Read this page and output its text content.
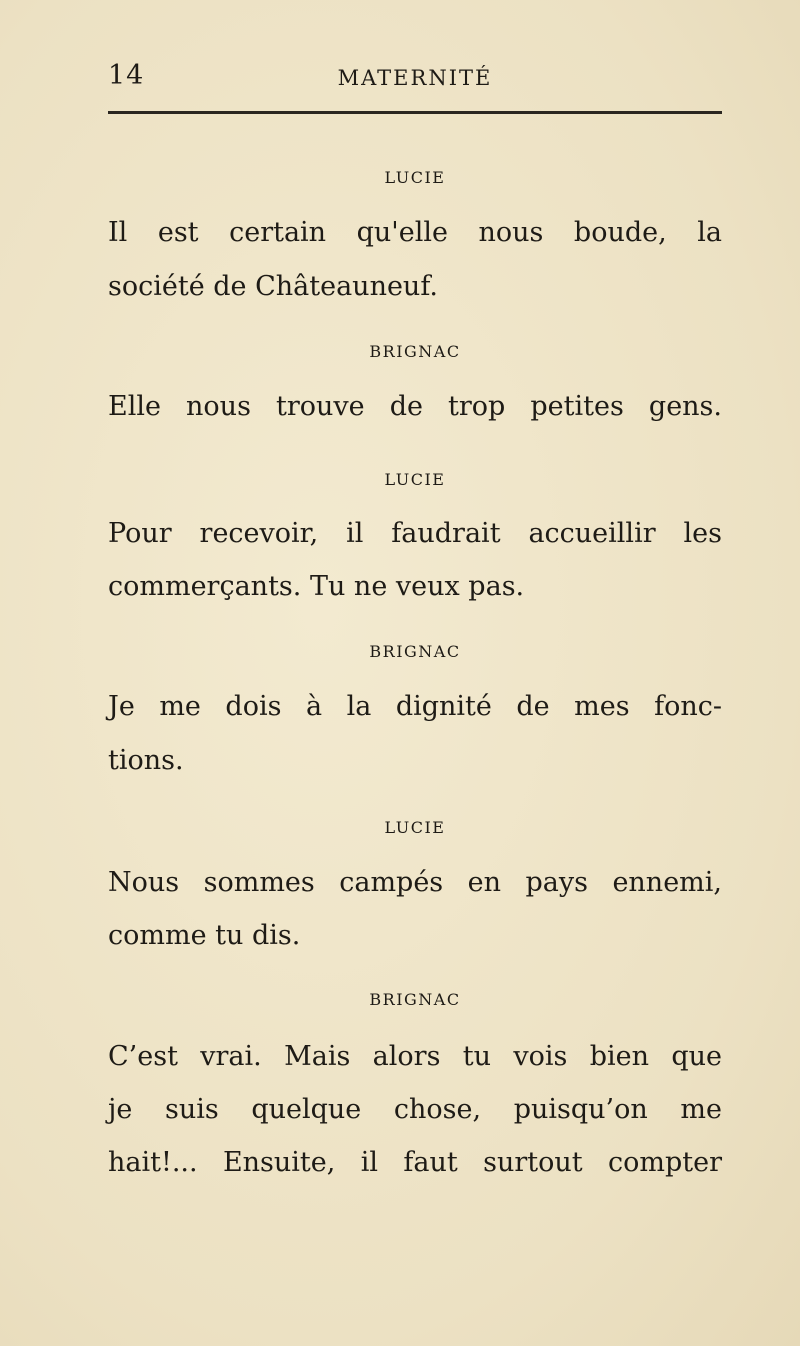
14	MATERNITÉ
LUCIE
Il est certain qu'elle nous boude, la
société de Châteauneuf.
BRIGNAC
Elle nous trouve de trop petites gens.
LUCIE
Pour recevoir, il faudrait accueillir les
commerçants. Tu ne veux pas.
BRIGNAC
Je me dois à la dignité de mes fonc-
tions.
LUCIE
Nous sommes campés en pays ennemi,
comme tu dis.
BRIGNAC
C’est vrai. Mais alors tu vois bien que
je suis quelque chose, puisqu’on me
hait!... Ensuite, il faut surtout compter
